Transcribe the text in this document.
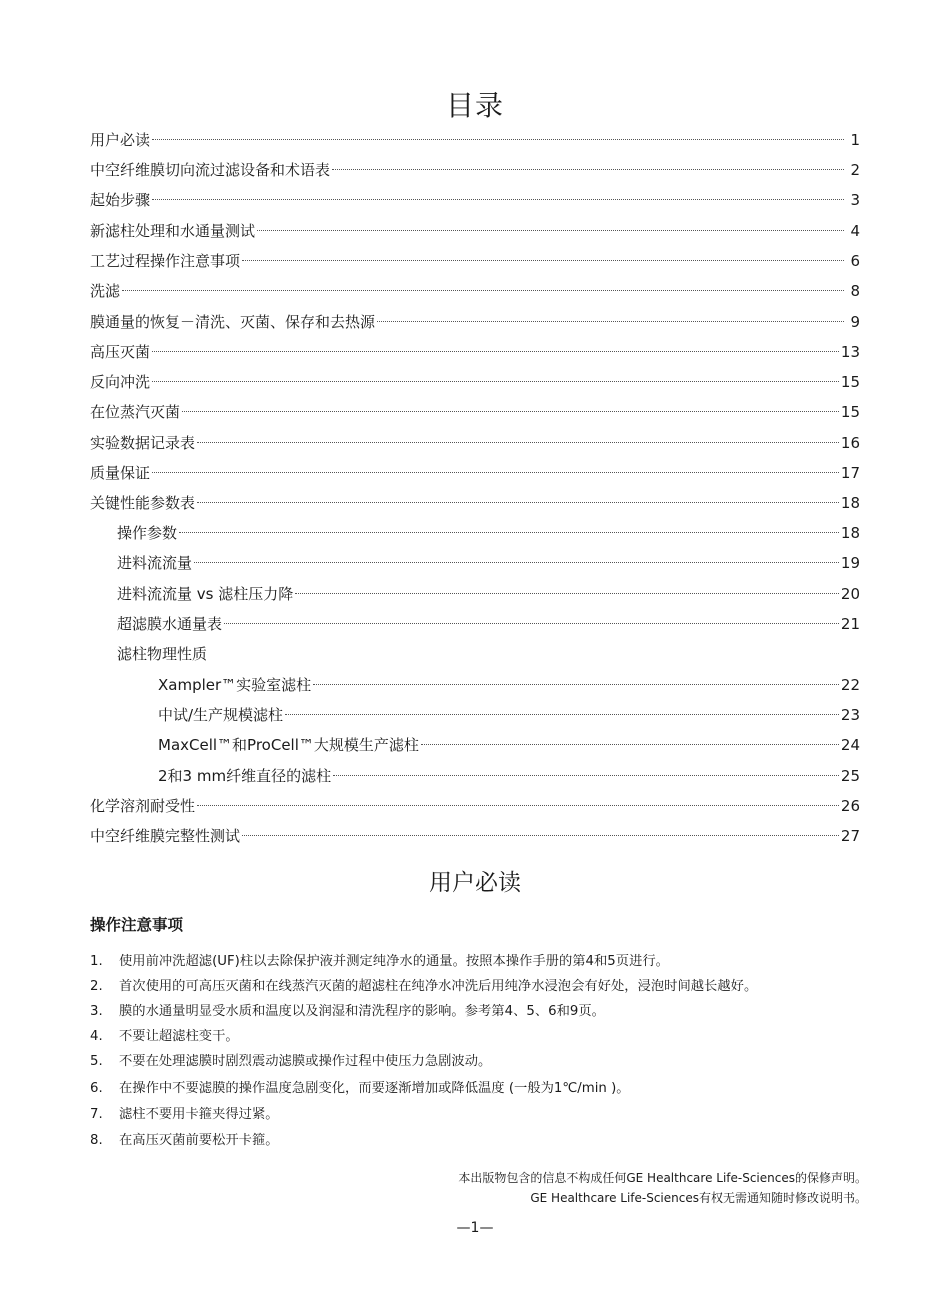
目录
用户必读	1
中空纤维膜切向流过滤设备和术语表	2
起始步骤	3
新滤柱处理和水通量测试	4
工艺过程操作注意事项	6
洗滤	8
膜通量的恢复－清洗、灭菌、保存和去热源	9
高压灭菌	13
反向冲洗	15
在位蒸汽灭菌	15
实验数据记录表	16
质量保证	17
关键性能参数表	18
操作参数	18
进料流流量	19
进料流流量 vs 滤柱压力降	20
超滤膜水通量表	21
滤柱物理性质
Xampler™实验室滤柱	22
中试/生产规模滤柱	23
MaxCell™和ProCell™大规模生产滤柱	24
2和3 mm纤维直径的滤柱	25
化学溶剂耐受性	26
中空纤维膜完整性测试	27
用户必读
操作注意事项
1.	使用前冲洗超滤(UF)柱以去除保护液并测定纯净水的通量。按照本操作手册的第4和5页进行。
2.	首次使用的可高压灭菌和在线蒸汽灭菌的超滤柱在纯净水冲洗后用纯净水浸泡会有好处，浸泡时间越长越好。
3.	膜的水通量明显受水质和温度以及润湿和清洗程序的影响。参考第4、5、6和9页。
4.	不要让超滤柱变干。
5.	不要在处理滤膜时剧烈震动滤膜或操作过程中使压力急剧波动。
6.	在操作中不要滤膜的操作温度急剧变化，而要逐渐增加或降低温度 (一般为1℃/min )。
7.	滤柱不要用卡箍夹得过紧。
8.	在高压灭菌前要松开卡箍。
本出版物包含的信息不构成任何GE Healthcare Life-Sciences的保修声明。
GE Healthcare Life-Sciences有权无需通知随时修改说明书。
—1—
